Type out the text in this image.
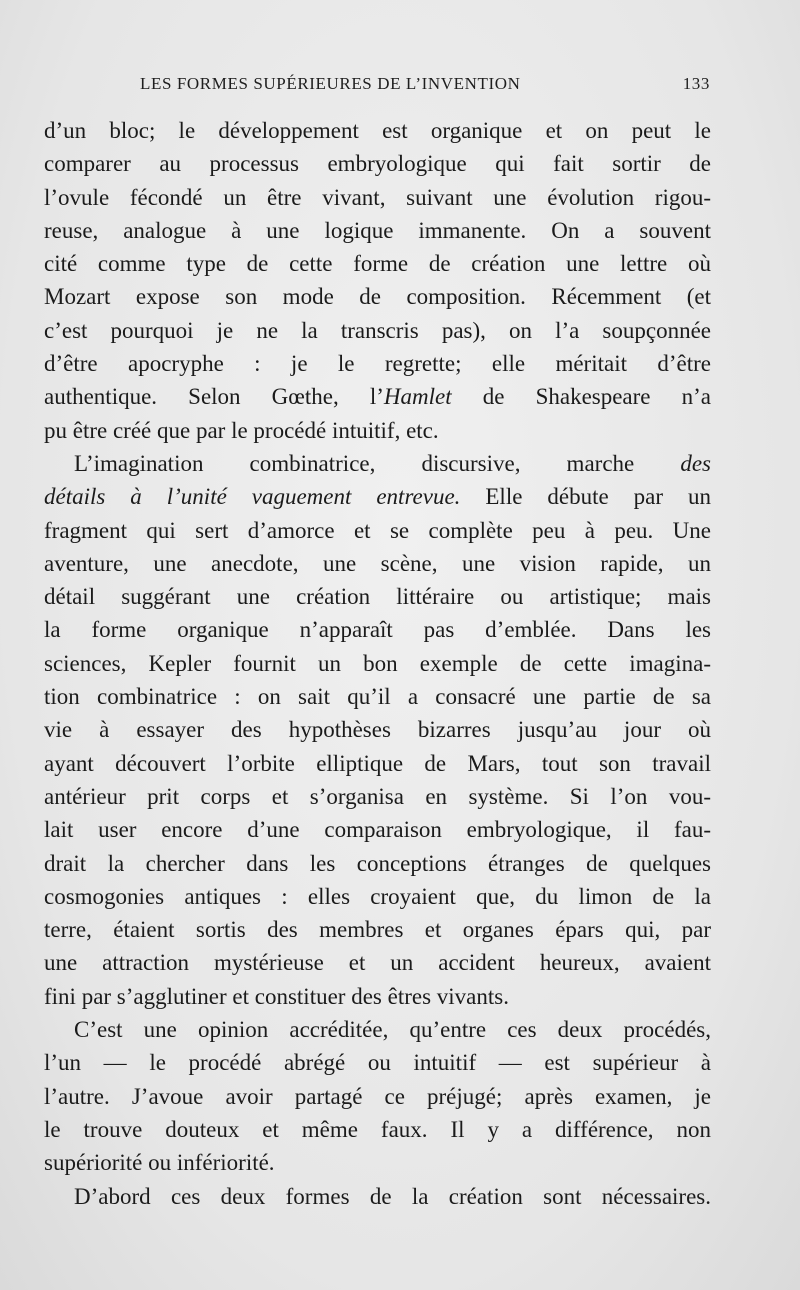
LES FORMES SUPÉRIEURES DE L’INVENTION	133
d’un bloc; le développement est organique et on peut le
comparer au processus embryologique qui fait sortir de
l’ovule fécondé un être vivant, suivant une évolution rigou-
reuse, analogue à une logique immanente. On a souvent
cité comme type de cette forme de création une lettre où
Mozart expose son mode de composition. Récemment (et
c’est pourquoi je ne la transcris pas), on l’a soupçonnée
d’être apocryphe : je le regrette; elle méritait d’être
authentique. Selon Gœthe, l’Hamlet de Shakespeare n’a
pu être créé que par le procédé intuitif, etc.
L’imagination combinatrice, discursive, marche des
détails à l’unité vaguement entrevue. Elle débute par un
fragment qui sert d’amorce et se complète peu à peu. Une
aventure, une anecdote, une scène, une vision rapide, un
détail suggérant une création littéraire ou artistique; mais
la forme organique n’apparaît pas d’emblée. Dans les
sciences, Kepler fournit un bon exemple de cette imagina-
tion combinatrice : on sait qu’il a consacré une partie de sa
vie à essayer des hypothèses bizarres jusqu’au jour où
ayant découvert l’orbite elliptique de Mars, tout son travail
antérieur prit corps et s’organisa en système. Si l’on vou-
lait user encore d’une comparaison embryologique, il fau-
drait la chercher dans les conceptions étranges de quelques
cosmogonies antiques : elles croyaient que, du limon de la
terre, étaient sortis des membres et organes épars qui, par
une attraction mystérieuse et un accident heureux, avaient
fini par s’agglutiner et constituer des êtres vivants.
C’est une opinion accréditée, qu’entre ces deux procédés,
l’un — le procédé abrégé ou intuitif — est supérieur à
l’autre. J’avoue avoir partagé ce préjugé; après examen, je
le trouve douteux et même faux. Il y a différence, non
supériorité ou infériorité.
D’abord ces deux formes de la création sont nécessaires.
